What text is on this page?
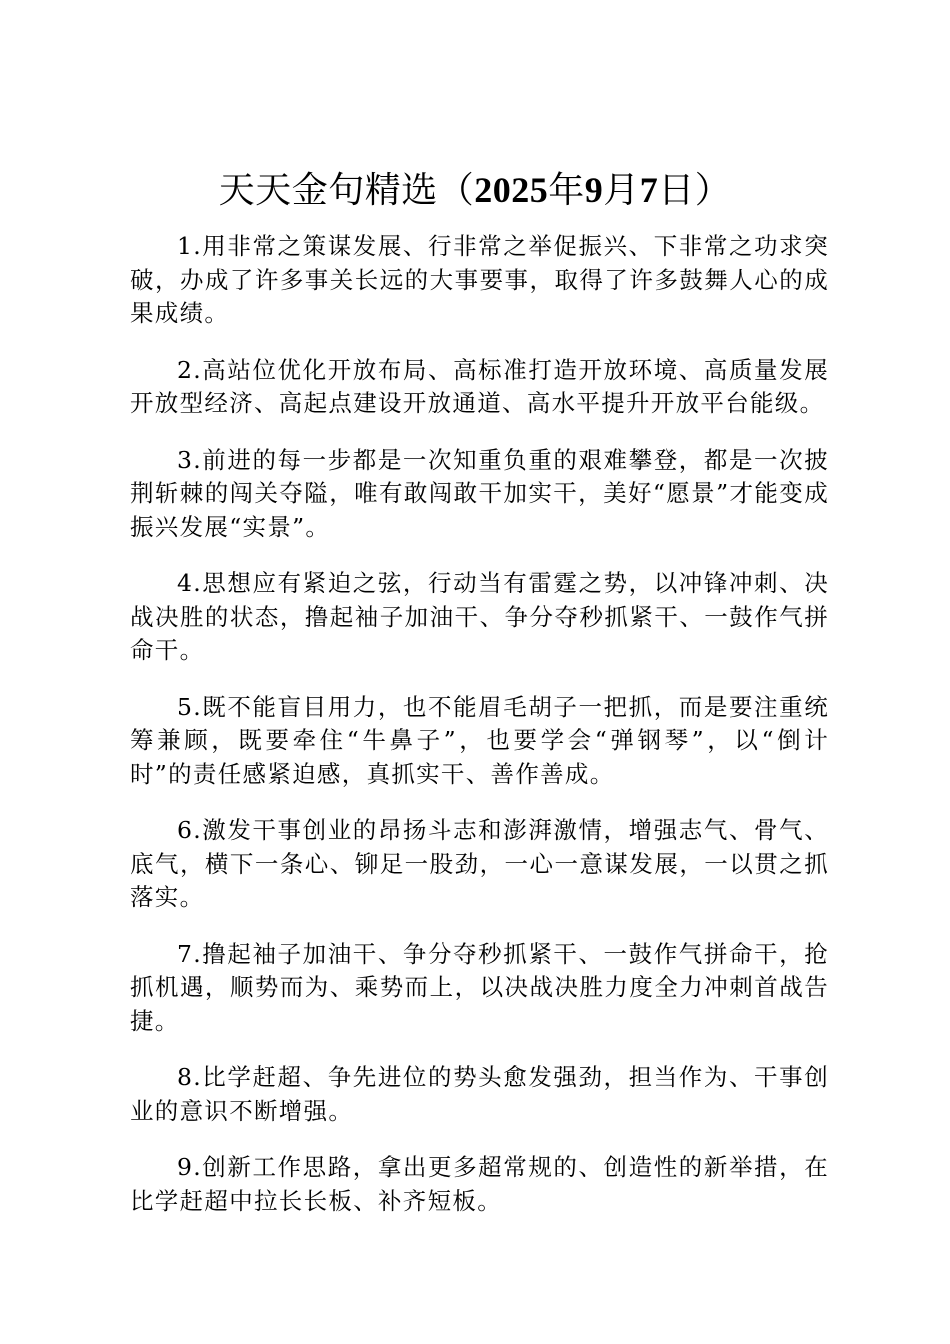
天天金句精选（2025年9月7日）

1.用非常之策谋发展、行非常之举促振兴、下非常之功求突破，办成了许多事关长远的大事要事，取得了许多鼓舞人心的成果成绩。

2.高站位优化开放布局、高标准打造开放环境、高质量发展开放型经济、高起点建设开放通道、高水平提升开放平台能级。

3.前进的每一步都是一次知重负重的艰难攀登，都是一次披荆斩棘的闯关夺隘，唯有敢闯敢干加实干，美好“愿景”才能变成振兴发展“实景”。

4.思想应有紧迫之弦，行动当有雷霆之势，以冲锋冲刺、决战决胜的状态，撸起袖子加油干、争分夺秒抓紧干、一鼓作气拼命干。

5.既不能盲目用力，也不能眉毛胡子一把抓，而是要注重统筹兼顾，既要牵住“牛鼻子”，也要学会“弹钢琴”，以“倒计时”的责任感紧迫感，真抓实干、善作善成。

6.激发干事创业的昂扬斗志和澎湃激情，增强志气、骨气、底气，横下一条心、铆足一股劲，一心一意谋发展，一以贯之抓落实。

7.撸起袖子加油干、争分夺秒抓紧干、一鼓作气拼命干，抢抓机遇，顺势而为、乘势而上，以决战决胜力度全力冲刺首战告捷。

8.比学赶超、争先进位的势头愈发强劲，担当作为、干事创业的意识不断增强。

9.创新工作思路，拿出更多超常规的、创造性的新举措，在比学赶超中拉长长板、补齐短板。
